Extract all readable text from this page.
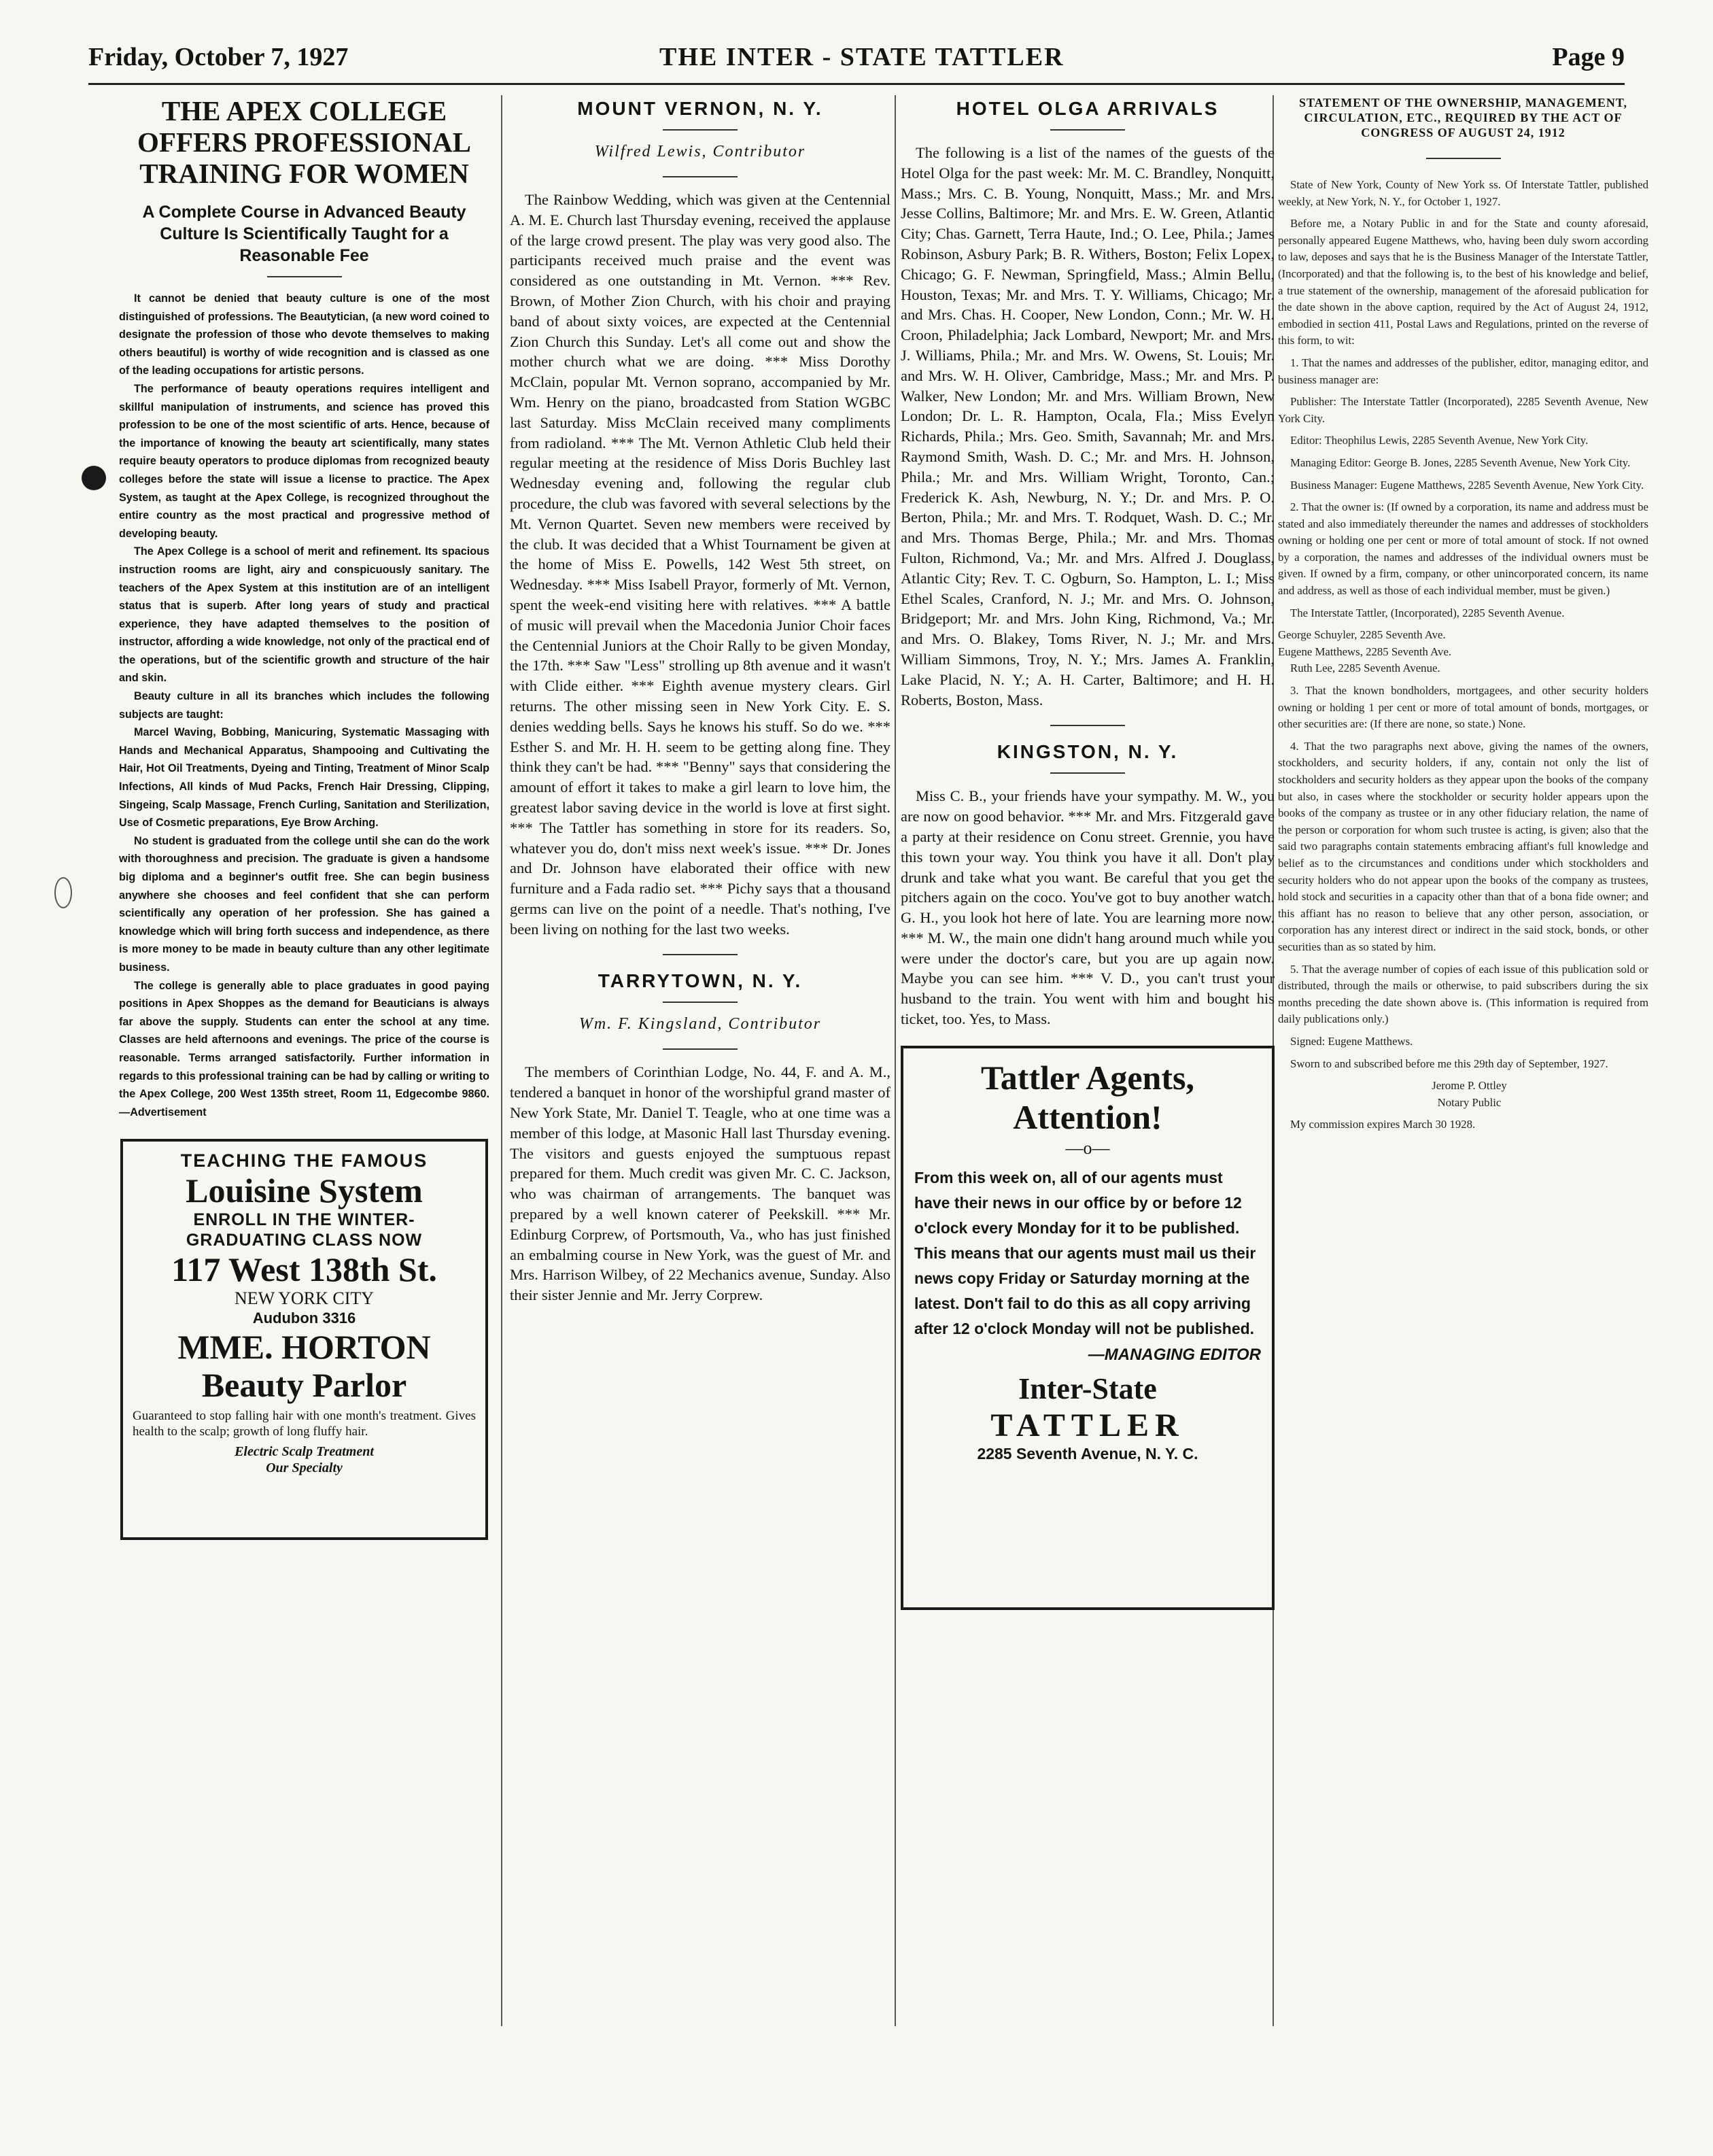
Friday, October 7, 1927	THE INTER - STATE TATTLER	Page 9
THE APEX COLLEGE
OFFERS PROFESSIONAL
TRAINING FOR WOMEN
A Complete Course in Advanced Beauty Culture Is Scientifically Taught for a Reasonable Fee

It cannot be denied that beauty culture is one of the most distinguished of professions. The Beautytician, (a new word coined to designate the profession of those who devote themselves to making others beautiful) is worthy of wide recognition and is classed as one of the leading occupations for artistic persons.

The performance of beauty operations requires intelligent and skillful manipulation of instruments, and science has proved this profession to be one of the most scientific of arts. Hence, because of the importance of knowing the beauty art scientifically, many states require beauty operators to produce diplomas from recognized beauty colleges before the state will issue a license to practice. The Apex System, as taught at the Apex College, is recognized throughout the entire country as the most practical and progressive method of developing beauty.

The Apex College is a school of merit and refinement. Its spacious instruction rooms are light, airy and conspicuously sanitary. The teachers of the Apex System at this institution are of an intelligent status that is superb. After long years of study and practical experience, they have adapted themselves to the position of instructor, affording a wide knowledge, not only of the practical end of the operations, but of the scientific growth and structure of the hair and skin.

Beauty culture in all its branches which includes the following subjects are taught:

Marcel Waving, Bobbing, Manicuring, Systematic Massaging with Hands and Mechanical Apparatus, Shampooing and Cultivating the Hair, Hot Oil Treatments, Dyeing and Tinting, Treatment of Minor Scalp Infections, All kinds of Mud Packs, French Hair Dressing, Clipping, Singeing, Scalp Massage, French Curling, Sanitation and Sterilization, Use of Cosmetic preparations, Eye Brow Arching.

No student is graduated from the college until she can do the work with thoroughness and precision. The graduate is given a handsome big diploma and a beginner's outfit free. She can begin business anywhere she chooses and feel confident that she can perform scientifically any operation of her profession. She has gained a knowledge which will bring forth success and independence, as there is more money to be made in beauty culture than any other legitimate business.

The college is generally able to place graduates in good paying positions in Apex Shoppes as the demand for Beauticians is always far above the supply. Students can enter the school at any time. Classes are held afternoons and evenings. The price of the course is reasonable. Terms arranged satisfactorily. Further information in regards to this professional training can be had by calling or writing to the Apex College, 200 West 135th street, Room 11, Edgecombe 9860. —Advertisement

TEACHING THE FAMOUS
Louisine System
ENROLL IN THE WINTER-
GRADUATING CLASS NOW
117 West 138th St.
NEW YORK CITY
Audubon 3316
MME. HORTON
Beauty Parlor
Guaranteed to stop falling hair with one month's treatment. Gives health to the scalp; growth of long fluffy hair.
Electric Scalp Treatment
Our Specialty
MOUNT VERNON, N. Y.
Wilfred Lewis, Contributor

The Rainbow Wedding, which was given at the Centennial A. M. E. Church last Thursday evening, received the applause of the large crowd present. The play was very good also. The participants received much praise and the event was considered as one outstanding in Mt. Vernon. *** Rev. Brown, of Mother Zion Church, with his choir and praying band of about sixty voices, are expected at the Centennial Zion Church this Sunday. Let's all come out and show the mother church what we are doing. *** Miss Dorothy McClain, popular Mt. Vernon soprano, accompanied by Mr. Wm. Henry on the piano, broadcasted from Station WGBC last Saturday. Miss McClain received many compliments from radioland. *** The Mt. Vernon Athletic Club held their regular meeting at the residence of Miss Doris Buchley last Wednesday evening and, following the regular club procedure, the club was favored with several selections by the Mt. Vernon Quartet. Seven new members were received by the club. It was decided that a Whist Tournament be given at the home of Miss E. Powells, 142 West 5th street, on Wednesday. *** Miss Isabell Prayor, formerly of Mt. Vernon, spent the week-end visiting here with relatives. *** A battle of music will prevail when the Macedonia Junior Choir faces the Centennial Juniors at the Choir Rally to be given Monday, the 17th. *** Saw "Less" strolling up 8th avenue and it wasn't with Clide either. *** Eighth avenue mystery clears. Girl returns. The other missing seen in New York City. E. S. denies wedding bells. Says he knows his stuff. So do we. *** Esther S. and Mr. H. H. seem to be getting along fine. They think they can't be had. *** "Benny" says that considering the amount of effort it takes to make a girl learn to love him, the greatest labor saving device in the world is love at first sight. *** The Tattler has something in store for its readers. So, whatever you do, don't miss next week's issue. *** Dr. Jones and Dr. Johnson have elaborated their office with new furniture and a Fada radio set. *** Pichy says that a thousand germs can live on the point of a needle. That's nothing, I've been living on nothing for the last two weeks.

TARRYTOWN, N. Y.
Wm. F. Kingsland, Contributor

The members of Corinthian Lodge, No. 44, F. and A. M., tendered a banquet in honor of the worshipful grand master of New York State, Mr. Daniel T. Teagle, who at one time was a member of this lodge, at Masonic Hall last Thursday evening. The visitors and guests enjoyed the sumptuous repast prepared for them. Much credit was given Mr. C. C. Jackson, who was chairman of arrangements. The banquet was prepared by a well known caterer of Peekskill. *** Mr. Edinburg Corprew, of Portsmouth, Va., who has just finished an embalming course in New York, was the guest of Mr. and Mrs. Harrison Wilbey, of 22 Mechanics avenue, Sunday. Also their sister Jennie and Mr. Jerry Corprew.

HOTEL OLGA ARRIVALS

The following is a list of the names of the guests of the Hotel Olga for the past week: Mr. M. C. Brandley, Nonquitt, Mass.; Mrs. C. B. Young, Nonquitt, Mass.; Mr. and Mrs. Jesse Collins, Baltimore; Mr. and Mrs. E. W. Green, Atlantic City; Chas. Garnett, Terra Haute, Ind.; O. Lee, Phila.; James Robinson, Asbury Park; B. R. Withers, Boston; Felix Lopex, Chicago; G. F. Newman, Springfield, Mass.; Almin Bellu, Houston, Texas; Mr. and Mrs. T. Y. Williams, Chicago; Mr. and Mrs. Chas. H. Cooper, New London, Conn.; Mr. W. H. Croon, Philadelphia; Jack Lombard, Newport; Mr. and Mrs. J. Williams, Phila.; Mr. and Mrs. W. Owens, St. Louis; Mr. and Mrs. W. H. Oliver, Cambridge, Mass.; Mr. and Mrs. P. Walker, New London; Mr. and Mrs. William Brown, New London; Dr. L. R. Hampton, Ocala, Fla.; Miss Evelyn Richards, Phila.; Mrs. Geo. Smith, Savannah; Mr. and Mrs. Raymond Smith, Wash. D. C.; Mr. and Mrs. H. Johnson, Phila.; Mr. and Mrs. William Wright, Toronto, Can.; Frederick K. Ash, Newburg, N. Y.; Dr. and Mrs. P. O. Berton, Phila.; Mr. and Mrs. T. Rodquet, Wash. D. C.; Mr. and Mrs. Thomas Berge, Phila.; Mr. and Mrs. Thomas Fulton, Richmond, Va.; Mr. and Mrs. Alfred J. Douglass, Atlantic City; Rev. T. C. Ogburn, So. Hampton, L. I.; Miss Ethel Scales, Cranford, N. J.; Mr. and Mrs. O. Johnson, Bridgeport; Mr. and Mrs. John King, Richmond, Va.; Mr. and Mrs. O. Blakey, Toms River, N. J.; Mr. and Mrs. William Simmons, Troy, N. Y.; Mrs. James A. Franklin, Lake Placid, N. Y.; A. H. Carter, Baltimore; and H. H. Roberts, Boston, Mass.

KINGSTON, N. Y.

Miss C. B., your friends have your sympathy. M. W., you are now on good behavior. *** Mr. and Mrs. Fitzgerald gave a party at their residence on Conu street. Grennie, you have this town your way. You think you have it all. Don't play drunk and take what you want. Be careful that you get the pitchers again on the coco. You've got to buy another watch. G. H., you look hot here of late. You are learning more now. *** M. W., the main one didn't hang around much while you were under the doctor's care, but you are up again now. Maybe you can see him. *** V. D., you can't trust your husband to the train. You went with him and bought his ticket, too. Yes, to Mass.

Tattler Agents,
Attention!
—o—
From this week on, all of our agents must have their news in our office by or before 12 o'clock every Monday for it to be published. This means that our agents must mail us their news copy Friday or Saturday morning at the latest. Don't fail to do this as all copy arriving after 12 o'clock Monday will not be published.
—MANAGING EDITOR
Inter-State
TATTLER
2285 Seventh Avenue, N. Y. C.
STATEMENT OF THE OWNERSHIP, MANAGEMENT, CIRCULATION, ETC., REQUIRED BY THE ACT OF CONGRESS OF AUGUST 24, 1912

State of New York, County of New York ss. Of Interstate Tattler, published weekly, at New York, N. Y., for October 1, 1927.

Before me, a Notary Public in and for the State and county aforesaid, personally appeared Eugene Matthews, who, having been duly sworn according to law, deposes and says that he is the Business Manager of the Interstate Tattler, (Incorporated) and that the following is, to the best of his knowledge and belief, a true statement of the ownership, management of the aforesaid publication for the date shown in the above caption, required by the Act of August 24, 1912, embodied in section 411, Postal Laws and Regulations, printed on the reverse of this form, to wit:

1. That the names and addresses of the publisher, editor, managing editor, and business manager are:

Publisher: The Interstate Tattler (Incorporated), 2285 Seventh Avenue, New York City.

Editor: Theophilus Lewis, 2285 Seventh Avenue, New York City.

Managing Editor: George B. Jones, 2285 Seventh Avenue, New York City.

Business Manager: Eugene Matthews, 2285 Seventh Avenue, New York City.

2. That the owner is: (If owned by a corporation, its name and address must be stated and also immediately thereunder the names and addresses of stockholders owning or holding one per cent or more of total amount of stock. If not owned by a corporation, the names and addresses of the individual owners must be given. If owned by a firm, company, or other unincorporated concern, its name and address, as well as those of each individual member, must be given.)

The Interstate Tattler, (Incorporated), 2285 Seventh Avenue.

George Schuyler, 2285 Seventh Ave.

Eugene Matthews, 2285 Seventh Ave.

Ruth Lee, 2285 Seventh Avenue.

3. That the known bondholders, mortgagees, and other security holders owning or holding 1 per cent or more of total amount of bonds, mortgages, or other securities are: (If there are none, so state.) None.

4. That the two paragraphs next above, giving the names of the owners, stockholders, and security holders, if any, contain not only the list of stockholders and security holders as they appear upon the books of the company but also, in cases where the stockholder or security holder appears upon the books of the company as trustee or in any other fiduciary relation, the name of the person or corporation for whom such trustee is acting, is given; also that the said two paragraphs contain statements embracing affiant's full knowledge and belief as to the circumstances and conditions under which stockholders and security holders who do not appear upon the books of the company as trustees, hold stock and securities in a capacity other than that of a bona fide owner; and this affiant has no reason to believe that any other person, association, or corporation has any interest direct or indirect in the said stock, bonds, or other securities than as so stated by him.

5. That the average number of copies of each issue of this publication sold or distributed, through the mails or otherwise, to paid subscribers during the six months preceding the date shown above is. (This information is required from daily publications only.)

Signed: Eugene Matthews.

Sworn to and subscribed before me this 29th day of September, 1927.

Jerome P. Ottley

Notary Public

My commission expires March 30 1928.
